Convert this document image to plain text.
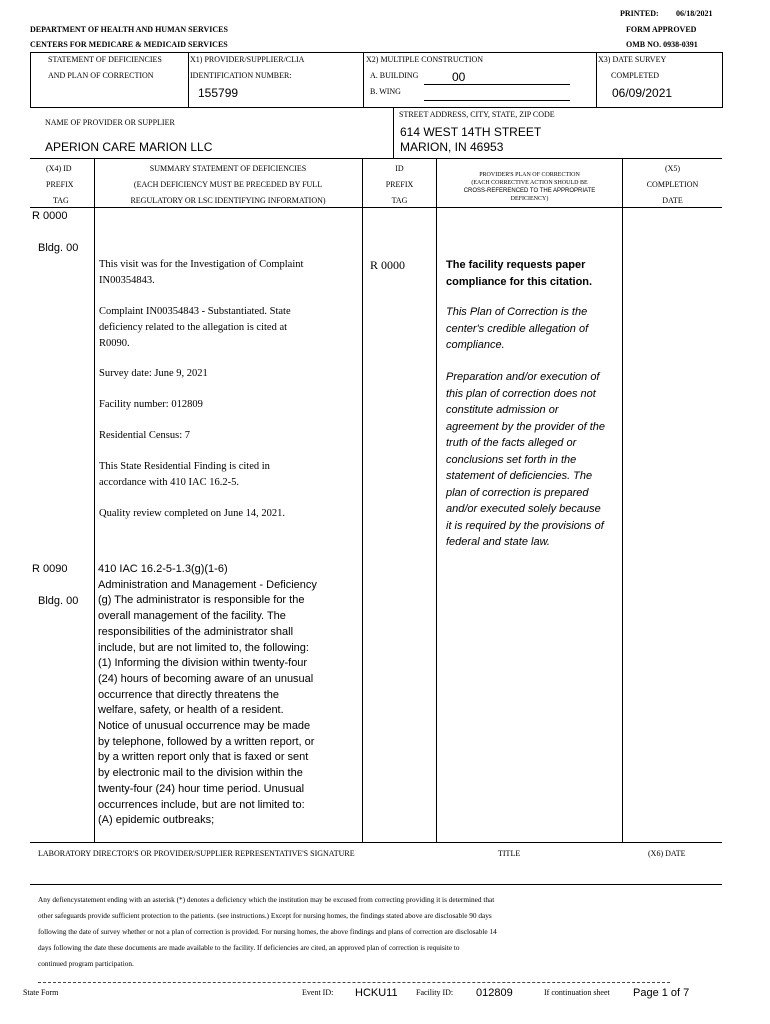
PRINTED: 06/18/2021
FORM APPROVED
OMB NO. 0938-0391
DEPARTMENT OF HEALTH AND HUMAN SERVICES
CENTERS FOR MEDICARE & MEDICAID SERVICES
STATEMENT OF DEFICIENCIES
AND PLAN OF CORRECTION
X1) PROVIDER/SUPPLIER/CLIA
IDENTIFICATION NUMBER:
155799
X2) MULTIPLE CONSTRUCTION
A. BUILDING	00
B. WING
X3) DATE SURVEY
COMPLETED
06/09/2021
NAME OF PROVIDER OR SUPPLIER
APERION CARE MARION LLC
STREET ADDRESS, CITY, STATE, ZIP CODE
614 WEST 14TH STREET
MARION, IN 46953
(X4) ID
PREFIX
TAG
SUMMARY STATEMENT OF DEFICIENCIES
(EACH DEFICIENCY MUST BE PRECEDED BY FULL
REGULATORY OR LSC IDENTIFYING INFORMATION)
ID
PREFIX
TAG
PROVIDER'S PLAN OF CORRECTION
(EACH CORRECTIVE ACTION SHOULD BE
CROSS-REFERENCED TO THE APPROPRIATE
DEFICIENCY)
(X5)
COMPLETION
DATE
R 0000
Bldg. 00
This visit was for the Investigation of Complaint
IN00354843.
Complaint IN00354843 - Substantiated. State
deficiency related to the allegation is cited at
R0090.
Survey date: June 9, 2021
Facility number: 012809
Residential Census: 7
This State Residential Finding is cited in
accordance with 410 IAC 16.2-5.
Quality review completed on June 14, 2021.
R 0000	The facility requests paper
compliance for this citation.
This Plan of Correction is the
center's credible allegation of
compliance.
Preparation and/or execution of
this plan of correction does not
constitute admission or
agreement by the provider of the
truth of the facts alleged or
conclusions set forth in the
statement of deficiencies. The
plan of correction is prepared
and/or executed solely because
it is required by the provisions of
federal and state law.
R 0090
Bldg. 00
410 IAC 16.2-5-1.3(g)(1-6)
Administration and Management - Deficiency
(g) The administrator is responsible for the
overall management of the facility. The
responsibilities of the administrator shall
include, but are not limited to, the following:
(1) Informing the division within twenty-four
(24) hours of becoming aware of an unusual
occurrence that directly threatens the
welfare, safety, or health of a resident.
Notice of unusual occurrence may be made
by telephone, followed by a written report, or
by a written report only that is faxed or sent
by electronic mail to the division within the
twenty-four (24) hour time period. Unusual
occurrences include, but are not limited to:
(A) epidemic outbreaks;
LABORATORY DIRECTOR'S OR PROVIDER/SUPPLIER REPRESENTATIVE'S SIGNATURE	TITLE	(X6) DATE
Any defiencystatement ending with an asterisk (*) denotes a deficiency which the institution may be excused from correcting providing it is determined that
other safeguards provide sufficient protection to the patients. (see instructions.) Except for nursing homes, the findings stated above are disclosable 90 days
following the date of survey whether or not a plan of correction is provided. For nursing homes, the above findings and plans of correction are disclosable 14
days following the date these documents are made available to the facility. If deficiencies are cited, an approved plan of correction is requisite to
continued program participation.
State Form	Event ID: HCKU11 Facility ID: 012809	If continuation sheet Page 1 of 7
